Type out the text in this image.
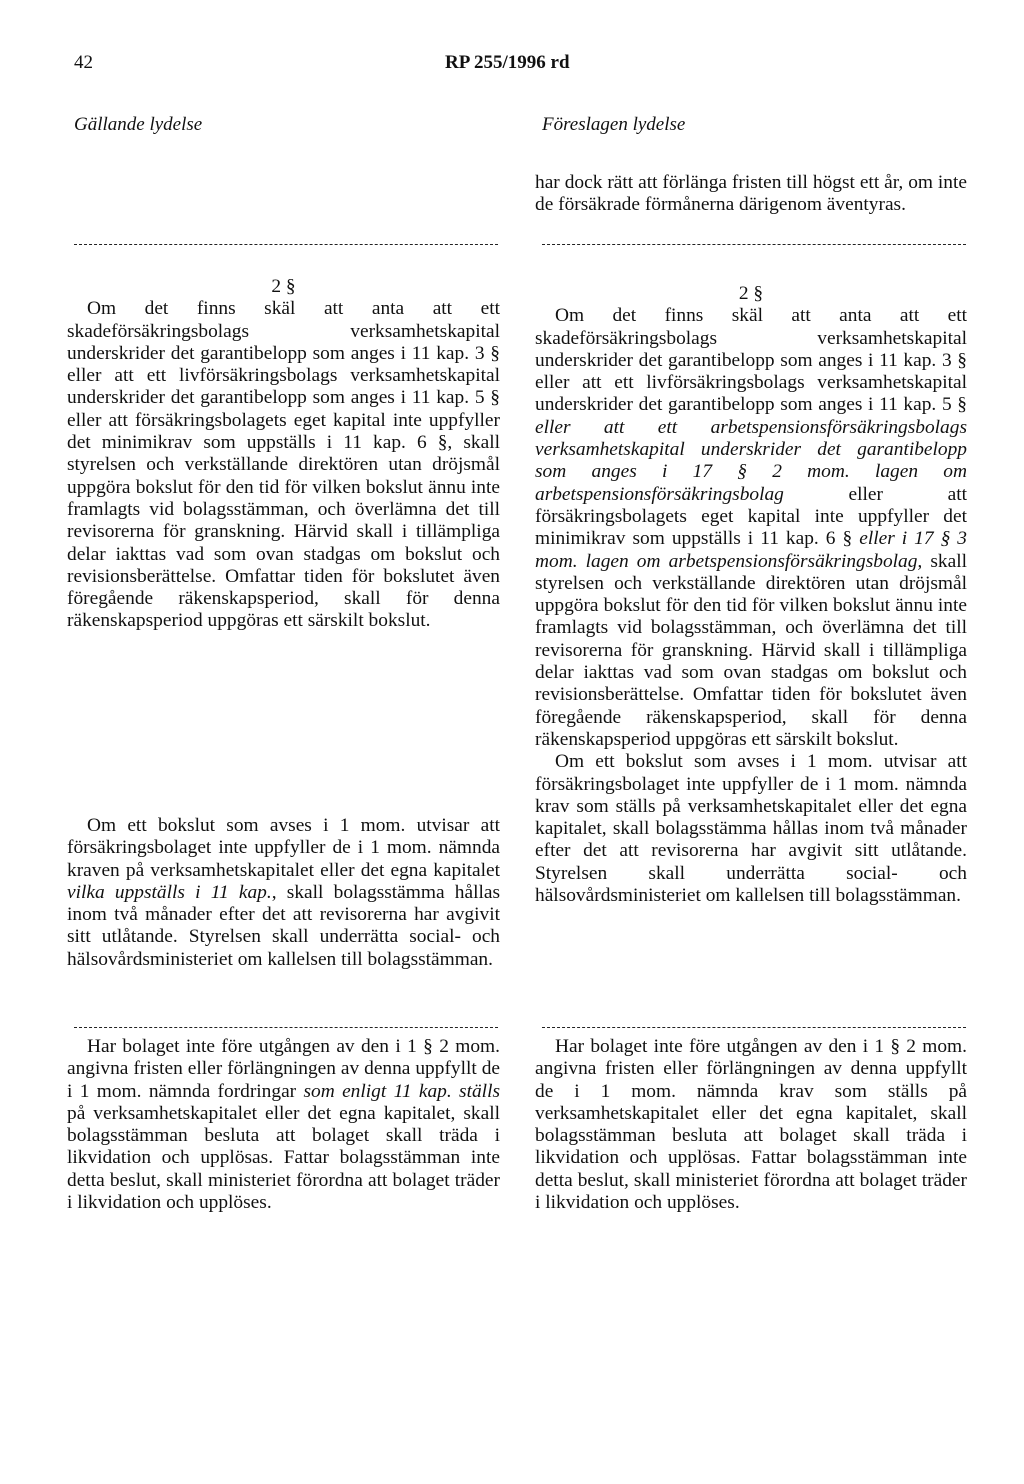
42	RP 255/1996 rd
Gällande lydelse	Föreslagen lydelse

har dock rätt att förlänga fristen till högst ett år, om inte de försäkrade förmånerna därigenom äventyras.

2 §

Om det finns skäl att anta att ett skadeförsäkringsbolags verksamhetskapital underskrider det garantibelopp som anges i 11 kap. 3 § eller att ett livförsäkringsbolags verksamhetskapital underskrider det garantibelopp som anges i 11 kap. 5 § eller att försäkringsbolagets eget kapital inte uppfyller det minimikrav som uppställs i 11 kap. 6 §, skall styrelsen och verkställande direktören utan dröjsmål uppgöra bokslut för den tid för vilken bokslut ännu inte framlagts vid bolagsstämman, och överlämna det till revisorerna för granskning. Härvid skall i tillämpliga delar iakttas vad som ovan stadgas om bokslut och revisionsberättelse. Omfattar tiden för bokslutet även föregående räkenskapsperiod, skall för denna räkenskapsperiod uppgöras ett särskilt bokslut.

2 §

Om det finns skäl att anta att ett skadeförsäkringsbolags verksamhetskapital underskrider det garantibelopp som anges i 11 kap. 3 § eller att ett livförsäkringsbolags verksamhetskapital underskrider det garantibelopp som anges i 11 kap. 5 § eller att ett arbetspensionsförsäkringsbolags verksamhetskapital underskrider det garantibelopp som anges i 17 § 2 mom. lagen om arbetspensionsförsäkringsbolag eller att försäkringsbolagets eget kapital inte uppfyller det minimikrav som uppställs i 11 kap. 6 § eller i 17 § 3 mom. lagen om arbetspensionsförsäkringsbolag, skall styrelsen och verkställande direktören utan dröjsmål uppgöra bokslut för den tid för vilken bokslut ännu inte framlagts vid bolagsstämman, och överlämna det till revisorerna för granskning. Härvid skall i tillämpliga delar iakttas vad som ovan stadgas om bokslut och revisionsberättelse. Omfattar tiden för bokslutet även föregående räkenskapsperiod, skall för denna räkenskapsperiod uppgöras ett särskilt bokslut.

Om ett bokslut som avses i 1 mom. utvisar att försäkringsbolaget inte uppfyller de i 1 mom. nämnda krav som ställs på verksamhetskapitalet eller det egna kapitalet, skall bolagsstämma hållas inom två månader efter det att revisorerna har avgivit sitt utlåtande. Styrelsen skall underrätta social- och hälsovårdsministeriet om kallelsen till bolagsstämman.

Om ett bokslut som avses i 1 mom. utvisar att försäkringsbolaget inte uppfyller de i 1 mom. nämnda kraven på verksamhetskapitalet eller det egna kapitalet vilka uppställs i 11 kap., skall bolagsstämma hållas inom två månader efter det att revisorerna har avgivit sitt utlåtande. Styrelsen skall underrätta social- och hälsovårdsministeriet om kallelsen till bolagsstämman.

Har bolaget inte före utgången av den i 1 § 2 mom. angivna fristen eller förlängningen av denna uppfyllt de i 1 mom. nämnda fordringar som enligt 11 kap. ställs på verksamhetskapitalet eller det egna kapitalet, skall bolagsstämman besluta att bolaget skall träda i likvidation och upplösas. Fattar bolagsstämman inte detta beslut, skall ministeriet förordna att bolaget träder i likvidation och upplöses.

Har bolaget inte före utgången av den i 1 § 2 mom. angivna fristen eller förlängningen av denna uppfyllt de i 1 mom. nämnda krav som ställs på verksamhetskapitalet eller det egna kapitalet, skall bolagsstämman besluta att bolaget skall träda i likvidation och upplösas. Fattar bolagsstämman inte detta beslut, skall ministeriet förordna att bolaget träder i likvidation och upplöses.
